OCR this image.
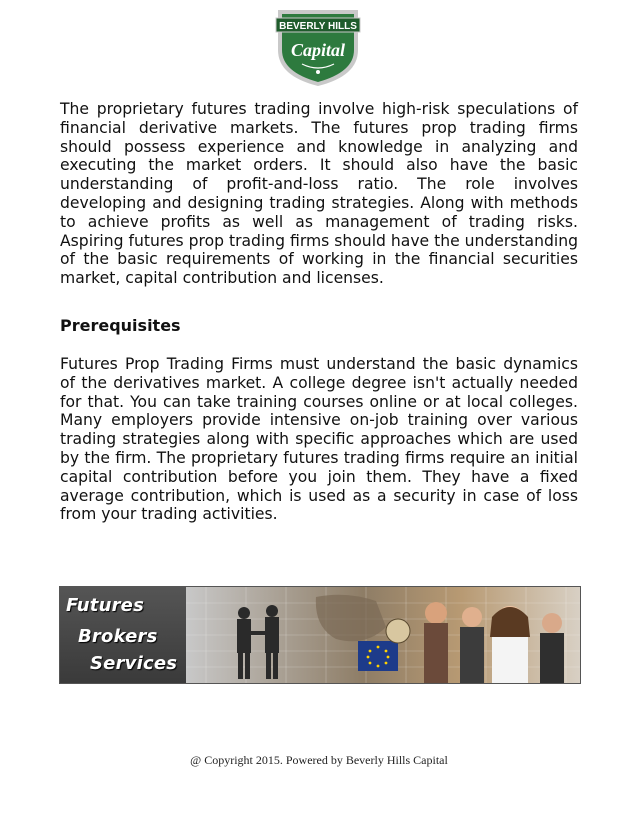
BEVERLY HILLS
Capital

The proprietary futures trading involve high-risk speculations of financial derivative markets. The futures prop trading firms should possess experience and knowledge in analyzing and executing the market orders. It should also have the basic understanding of profit-and-loss ratio. The role involves developing and designing trading strategies. Along with methods to achieve profits as well as management of trading risks. Aspiring futures prop trading firms should have the understanding of the basic requirements of working in the financial securities market, capital contribution and licenses.

Prerequisites

Futures Prop Trading Firms must understand the basic dynamics of the derivatives market. A college degree isn't actually needed for that. You can take training courses online or at local colleges. Many employers provide intensive on-job training over various trading strategies along with specific approaches which are used by the firm. The proprietary futures trading firms require an initial capital contribution before you join them. They have a fixed average contribution, which is used as a security in case of loss from your trading activities.

Futures
Brokers
Services
@ Copyright 2015. Powered by Beverly Hills Capital
